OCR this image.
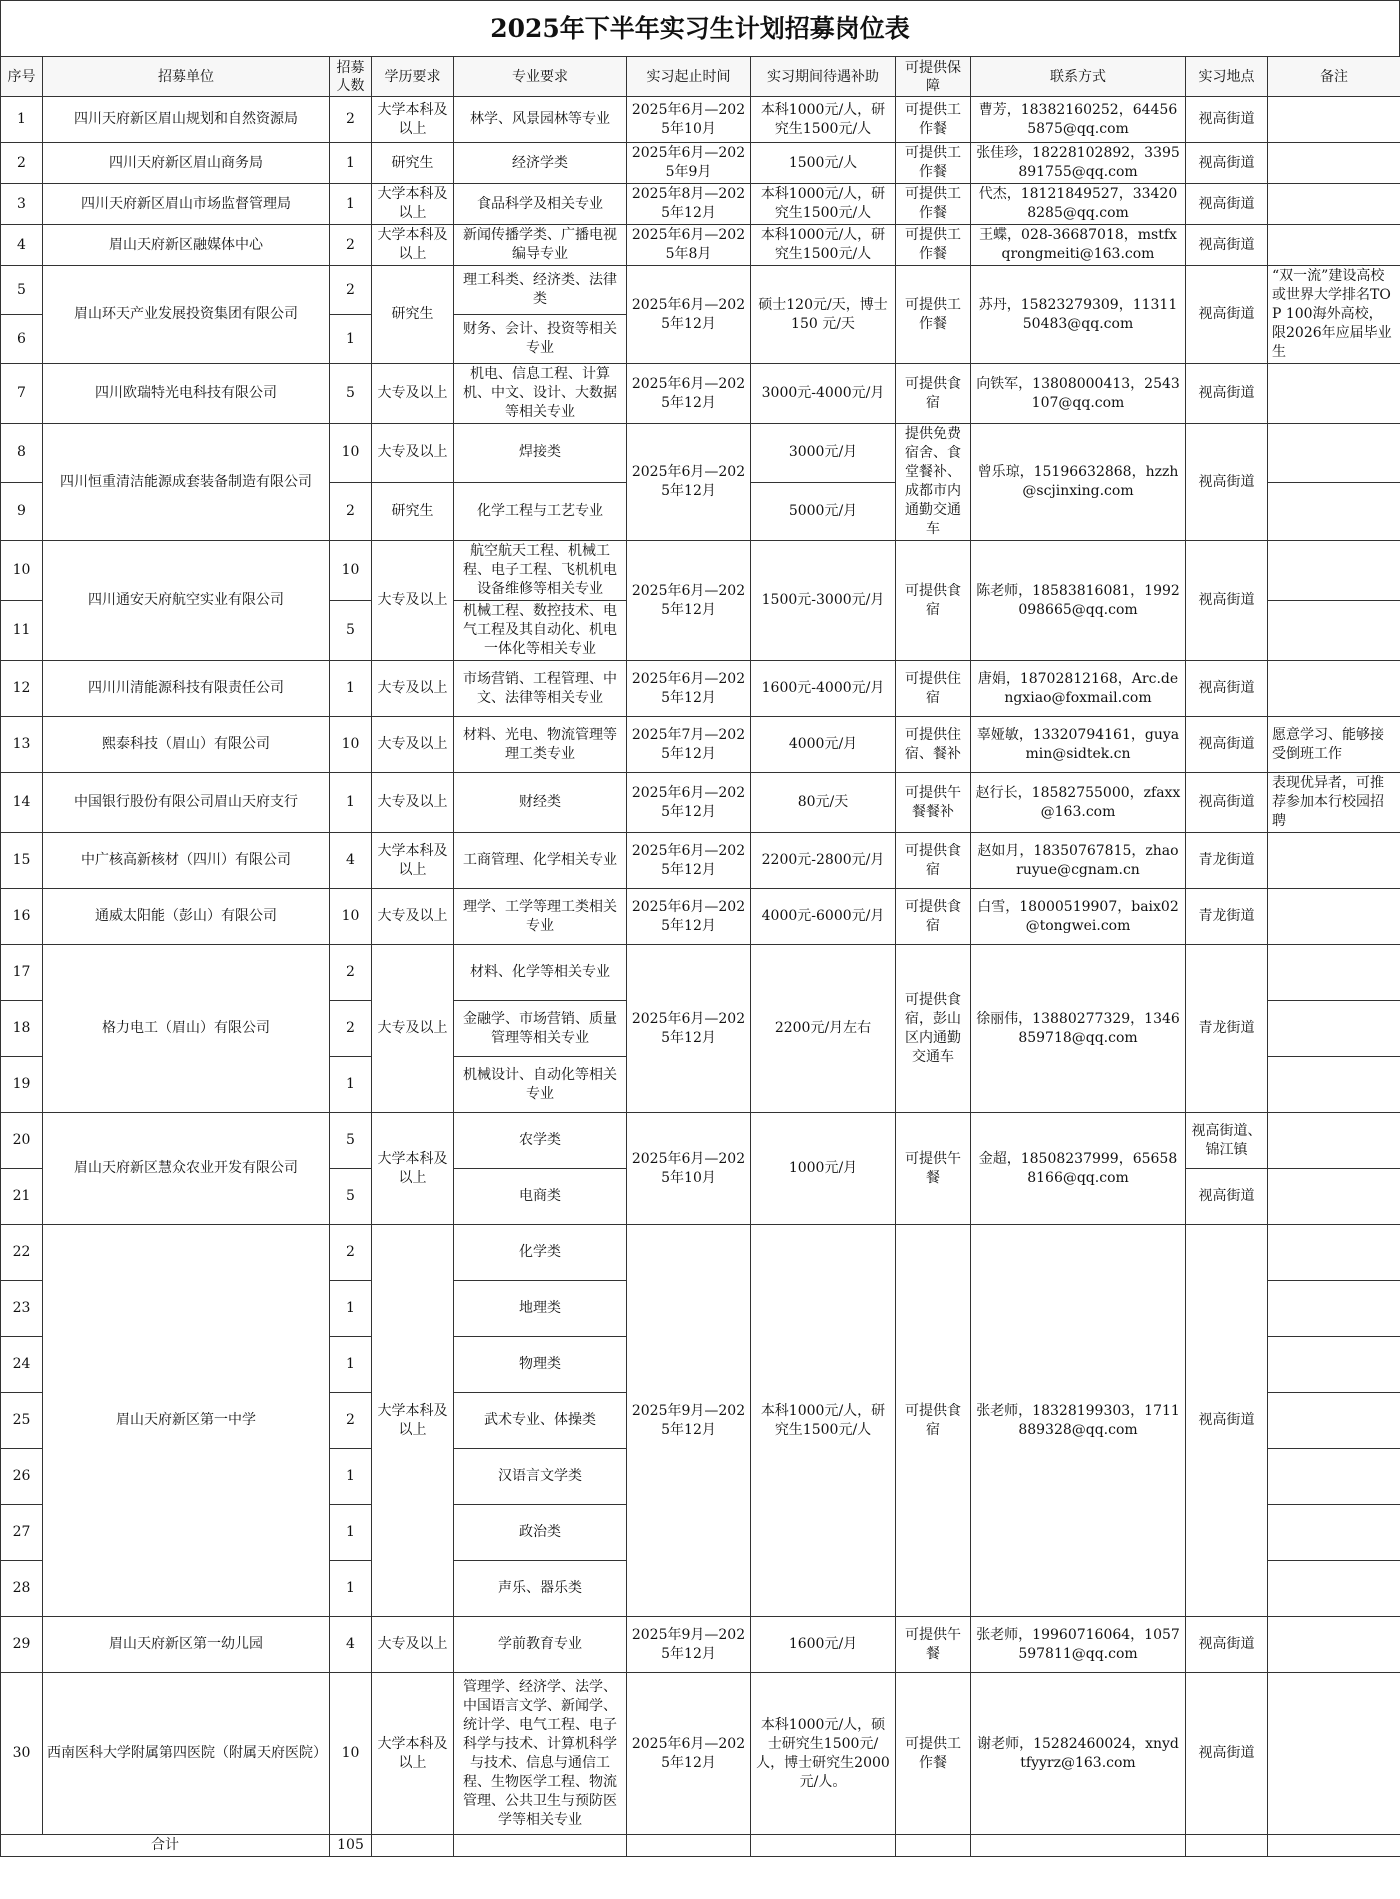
2025年下半年实习生计划招募岗位表
序号	招募单位	招募人数	学历要求	专业要求	实习起止时间	实习期间待遇补助	可提供保障	联系方式	实习地点	备注
1	四川天府新区眉山规划和自然资源局	2	大学本科及以上	林学、风景园林等专业	2025年6月—2025年10月	本科1000元/人，研究生1500元/人	可提供工作餐	曹芳，18382160252，644565875@qq.com	视高街道	
2	四川天府新区眉山商务局	1	研究生	经济学类	2025年6月—2025年9月	1500元/人	可提供工作餐	张佳珍，18228102892，3395891755@qq.com	视高街道	
3	四川天府新区眉山市场监督管理局	1	大学本科及以上	食品科学及相关专业	2025年8月—2025年12月	本科1000元/人，研究生1500元/人	可提供工作餐	代杰，18121849527，334208285@qq.com	视高街道	
4	眉山天府新区融媒体中心	2	大学本科及以上	新闻传播学类、广播电视编导专业	2025年6月—2025年8月	本科1000元/人，研究生1500元/人	可提供工作餐	王蝶，028-36687018，mstfxqrongmeiti@163.com	视高街道	
5	眉山环天产业发展投资集团有限公司	2	研究生	理工科类、经济类、法律类	2025年6月—2025年12月	硕士120元/天，博士150 元/天	可提供工作餐	苏丹，15823279309，1131150483@qq.com	视高街道	“双一流”建设高校或世界大学排名TOP 100海外高校，限2026年应届毕业生
6		1		财务、会计、投资等相关专业						
7	四川欧瑞特光电科技有限公司	5	大专及以上	机电、信息工程、计算机、中文、设计、大数据等相关专业	2025年6月—2025年12月	3000元-4000元/月	可提供食宿	向铁军，13808000413，2543107@qq.com	视高街道	
8	四川恒重清洁能源成套装备制造有限公司	10	大专及以上	焊接类	2025年6月—2025年12月	3000元/月	提供免费宿舍、食堂餐补、成都市内通勤交通车	曾乐琼，15196632868，hzzh@scjinxing.com	视高街道	
9		2	研究生	化学工程与工艺专业		5000元/月				
10	四川通安天府航空实业有限公司	10	大专及以上	航空航天工程、机械工程、电子工程、飞机机电设备维修等相关专业	2025年6月—2025年12月	1500元-3000元/月	可提供食宿	陈老师，18583816081，1992098665@qq.com	视高街道	
11		5		机械工程、数控技术、电气工程及其自动化、机电一体化等相关专业						
12	四川川清能源科技有限责任公司	1	大专及以上	市场营销、工程管理、中文、法律等相关专业	2025年6月—2025年12月	1600元-4000元/月	可提供住宿	唐娟，18702812168，Arc.dengxiao@foxmail.com	视高街道	
13	熙泰科技（眉山）有限公司	10	大专及以上	材料、光电、物流管理等理工类专业	2025年7月—2025年12月	4000元/月	可提供住宿、餐补	辜娅敏，13320794161，guyamin@sidtek.cn	视高街道	愿意学习、能够接受倒班工作
14	中国银行股份有限公司眉山天府支行	1	大专及以上	财经类	2025年6月—2025年12月	80元/天	可提供午餐餐补	赵行长，18582755000，zfaxx@163.com	视高街道	表现优异者，可推荐参加本行校园招聘
15	中广核高新核材（四川）有限公司	4	大学本科及以上	工商管理、化学相关专业	2025年6月—2025年12月	2200元-2800元/月	可提供食宿	赵如月，18350767815，zhaoruyue@cgnam.cn	青龙街道	
16	通威太阳能（彭山）有限公司	10	大专及以上	理学、工学等理工类相关专业	2025年6月—2025年12月	4000元-6000元/月	可提供食宿	白雪，18000519907，baix02@tongwei.com	青龙街道	
17	格力电工（眉山）有限公司	2	大专及以上	材料、化学等相关专业	2025年6月—2025年12月	2200元/月左右	可提供食宿，彭山区内通勤交通车	徐丽伟，13880277329，1346859718@qq.com	青龙街道	
18		2		金融学、市场营销、质量管理等相关专业						
19		1		机械设计、自动化等相关专业						
20	眉山天府新区慧众农业开发有限公司	5	大学本科及以上	农学类	2025年6月—2025年10月	1000元/月	可提供午餐	金超，18508237999，656588166@qq.com	视高街道、锦江镇	
21		5		电商类					视高街道	
22	眉山天府新区第一中学	2	大学本科及以上	化学类	2025年9月—2025年12月	本科1000元/人，研究生1500元/人	可提供食宿	张老师，18328199303，1711889328@qq.com	视高街道	
23		1		地理类						
24		1		物理类						
25		2		武术专业、体操类						
26		1		汉语言文学类						
27		1		政治类						
28		1		声乐、器乐类						
29	眉山天府新区第一幼儿园	4	大专及以上	学前教育专业	2025年9月—2025年12月	1600元/月	可提供午餐	张老师，19960716064，1057597811@qq.com	视高街道	
30	西南医科大学附属第四医院（附属天府医院）	10	大学本科及以上	管理学、经济学、法学、中国语言文学、新闻学、统计学、电气工程、电子科学与技术、计算机科学与技术、信息与通信工程、生物医学工程、物流管理、公共卫生与预防医学等相关专业	2025年6月—2025年12月	本科1000元/人，硕士研究生1500元/人，博士研究生2000元/人。	可提供工作餐	谢老师，15282460024，xnydtfyyrz@163.com	视高街道	
合计		105								
